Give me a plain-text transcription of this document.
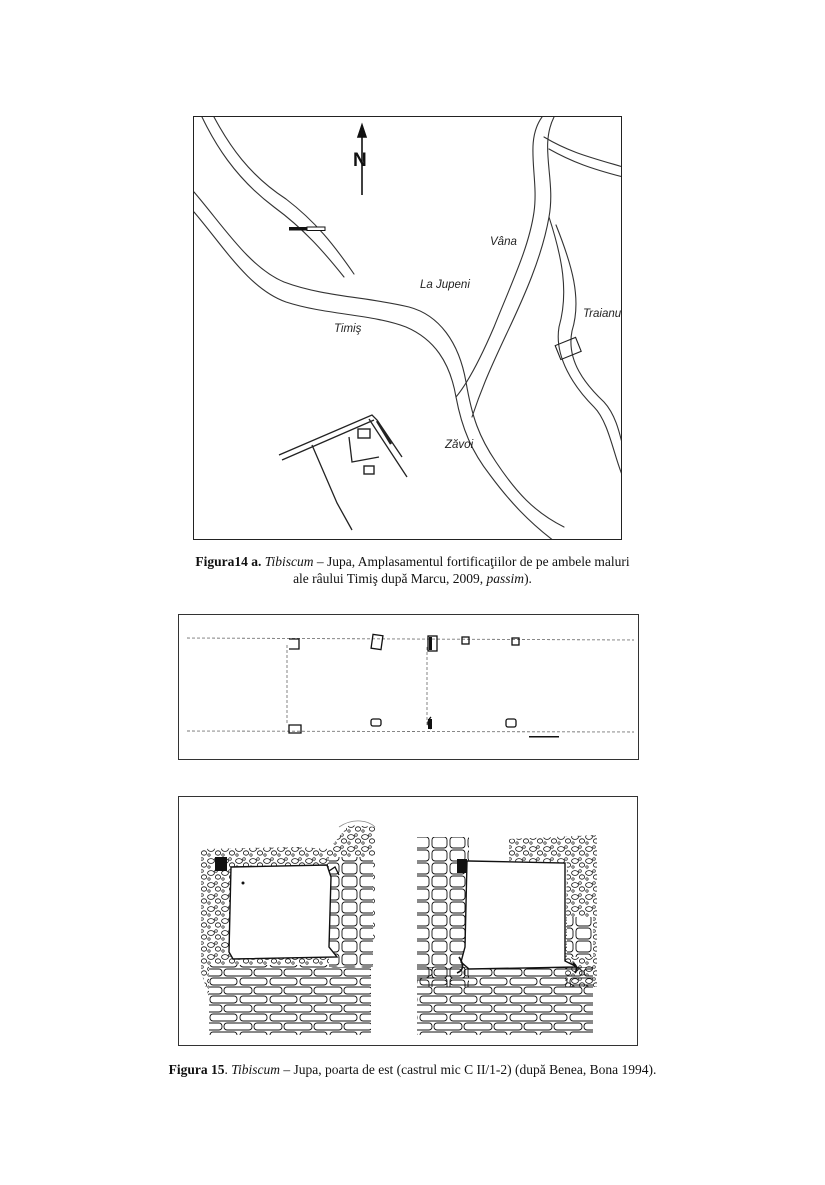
N
Vâna
La Jupeni
Timiş
Traianu
Zăvoi
Figura14 a. Tibiscum – Jupa, Amplasamentul fortificaţiilor de pe ambele maluri
ale râului Timiş după Marcu, 2009, passim).
Figura 15. Tibiscum – Jupa, poarta de est (castrul mic C II/1-2) (după Benea, Bona 1994).
